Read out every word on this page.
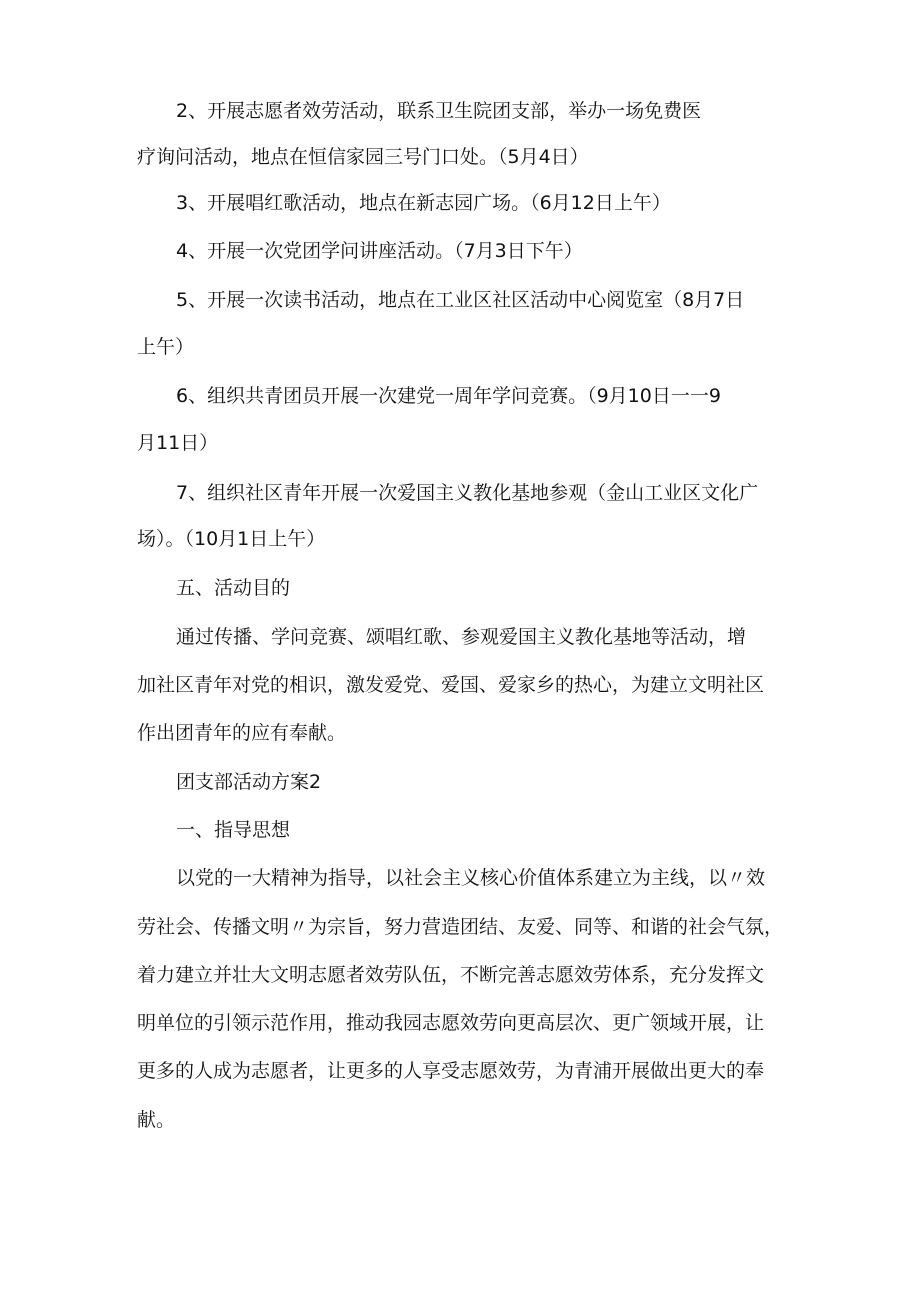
2、开展志愿者效劳活动，联系卫生院团支部，举办一场免费医
疗询问活动，地点在恒信家园三号门口处。（5月4日）
3、开展唱红歌活动，地点在新志园广场。（6月12日上午）
4、开展一次党团学问讲座活动。（7月3日下午）
5、开展一次读书活动，地点在工业区社区活动中心阅览室（8月7日
上午）
6、组织共青团员开展一次建党一周年学问竞赛。（9月10日一一9
月11日）
7、组织社区青年开展一次爱国主义教化基地参观（金山工业区文化广
场）。（10月1日上午）
五、活动目的
通过传播、学问竞赛、颂唱红歌、参观爱国主义教化基地等活动，增
加社区青年对党的相识，激发爱党、爱国、爱家乡的热心，为建立文明社区
作出团青年的应有奉献。
团支部活动方案2
一、指导思想
以党的一大精神为指导，以社会主义核心价值体系建立为主线，以〃效
劳社会、传播文明〃为宗旨，努力营造团结、友爱、同等、和谐的社会气氛，
着力建立并壮大文明志愿者效劳队伍，不断完善志愿效劳体系，充分发挥文
明单位的引领示范作用，推动我园志愿效劳向更高层次、更广领域开展，让
更多的人成为志愿者，让更多的人享受志愿效劳，为青浦开展做出更大的奉
献。
